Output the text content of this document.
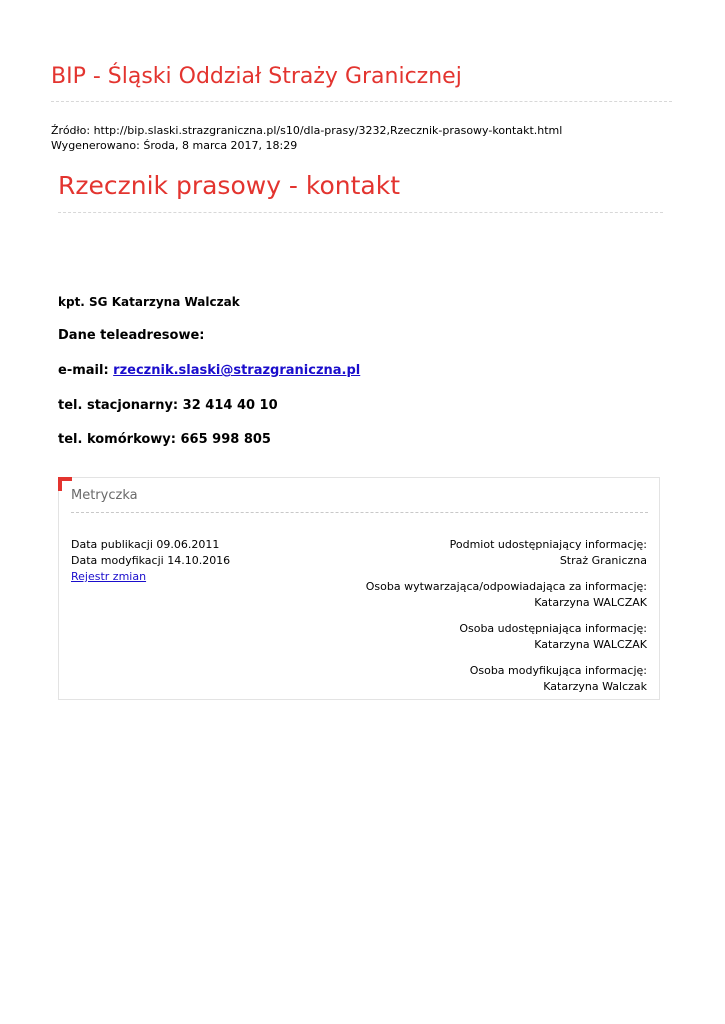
BIP - Śląski Oddział Straży Granicznej
Źródło: http://bip.slaski.strazgraniczna.pl/s10/dla-prasy/3232,Rzecznik-prasowy-kontakt.html
Wygenerowano: Środa, 8 marca 2017, 18:29
Rzecznik prasowy - kontakt
kpt. SG Katarzyna Walczak
Dane teleadresowe:
e-mail: rzecznik.slaski@strazgraniczna.pl
tel. stacjonarny: 32 414 40 10
tel. komórkowy: 665 998 805
Metryczka
Data publikacji 09.06.2011
Data modyfikacji 14.10.2016
Rejestr zmian
Podmiot udostępniający informację:
Straż Graniczna
Osoba wytwarzająca/odpowiadająca za informację:
Katarzyna WALCZAK
Osoba udostępniająca informację:
Katarzyna WALCZAK
Osoba modyfikująca informację:
Katarzyna Walczak
